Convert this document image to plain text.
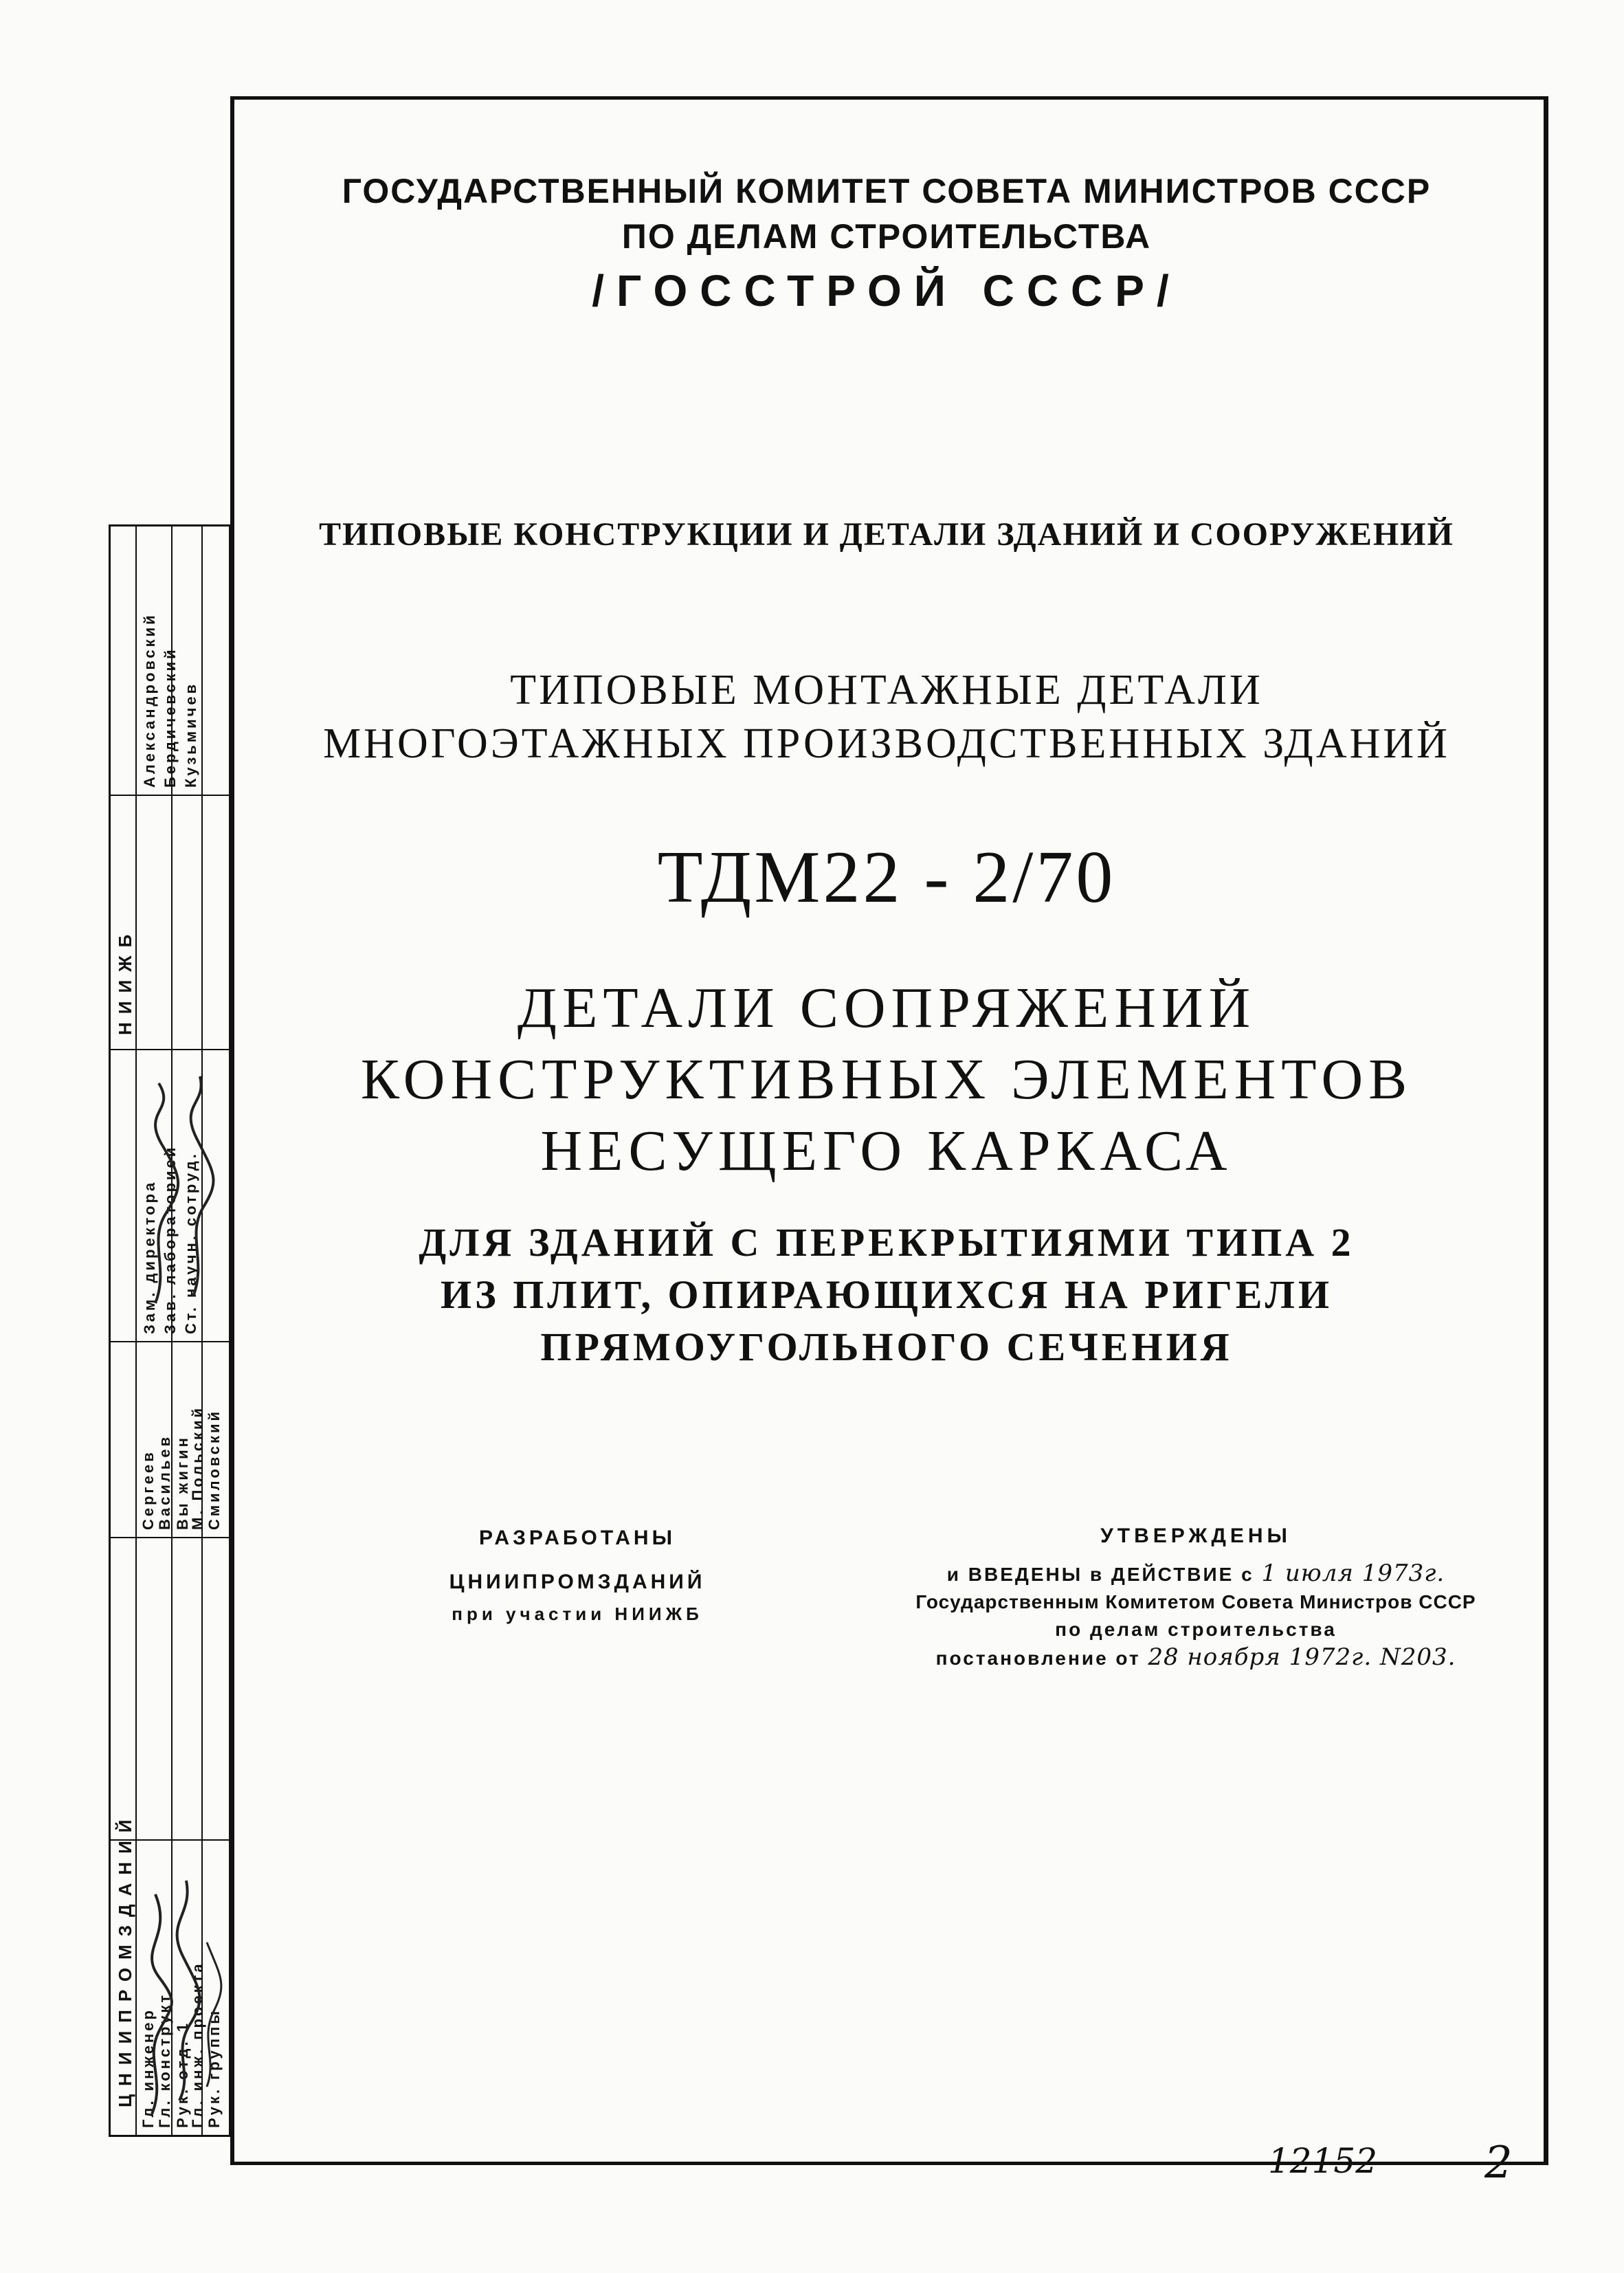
ГОСУДАРСТВЕННЫЙ КОМИТЕТ СОВЕТА МИНИСТРОВ СССР
ПО ДЕЛАМ СТРОИТЕЛЬСТВА
/ГОССТРОЙ СССР/
ТИПОВЫЕ КОНСТРУКЦИИ И ДЕТАЛИ ЗДАНИЙ И СООРУЖЕНИЙ
ТИПОВЫЕ МОНТАЖНЫЕ ДЕТАЛИ
МНОГОЭТАЖНЫХ ПРОИЗВОДСТВЕННЫХ ЗДАНИЙ
ТДМ22 - 2/70
ДЕТАЛИ СОПРЯЖЕНИЙ
КОНСТРУКТИВНЫХ ЭЛЕМЕНТОВ
НЕСУЩЕГО КАРКАСА
ДЛЯ ЗДАНИЙ С ПЕРЕКРЫТИЯМИ ТИПА 2
ИЗ ПЛИТ, ОПИРАЮЩИХСЯ НА РИГЕЛИ
ПРЯМОУГОЛЬНОГО СЕЧЕНИЯ
РАЗРАБОТАНЫ
ЦНИИПРОМЗДАНИЙ
при участии НИИЖБ
УТВЕРЖДЕНЫ
и ВВЕДЕНЫ в ДЕЙСТВИЕ с 1 июля 1973г.
Государственным Комитетом Совета Министров СССР
по делам строительства
постановление от 28 ноября 1972г. N203.
ЦНИИПРОМЗДАНИЙ
НИИЖБ
Гл. инженер Гл. конструкт. Рук. отд. 1
Гл. инж. проекта Рук. группы
Сергеев Васильев Вы жигин
М. Польский Смиловский
Зам. директора Зав. лабораторией Ст. научн. сотруд.
Александровский Бердичевский Кузьмичев
12152 2
